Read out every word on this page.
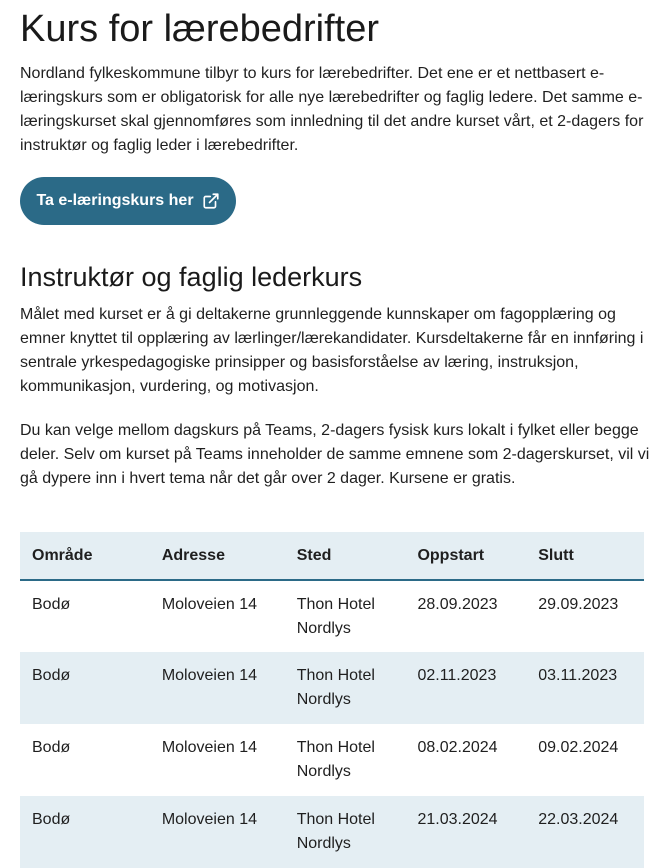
Kurs for lærebedrifter

Nordland fylkeskommune tilbyr to kurs for lærebedrifter. Det ene er et nettbasert e-læringskurs som er obligatorisk for alle nye lærebedrifter og faglig ledere. Det samme e-læringskurset skal gjennomføres som innledning til det andre kurset vårt, et 2-dagers for instruktør og faglig leder i lærebedrifter.

Ta e-læringskurs her
Instruktør og faglig lederkurs

Målet med kurset er å gi deltakerne grunnleggende kunnskaper om fagopplæring og emner knyttet til opplæring av lærlinger/lærekandidater. Kursdeltakerne får en innføring i sentrale yrkespedagogiske prinsipper og basisforståelse av læring, instruksjon, kommunikasjon, vurdering, og motivasjon.

Du kan velge mellom dagskurs på Teams, 2-dagers fysisk kurs lokalt i fylket eller begge deler. Selv om kurset på Teams inneholder de samme emnene som 2-dagerskurset, vil vi gå dypere inn i hvert tema når det går over 2 dager. Kursene er gratis.

Område	Adresse	Sted	Oppstart	Slutt
Bodø	Moloveien 14	Thon Hotel Nordlys	28.09.2023	29.09.2023
Bodø	Moloveien 14	Thon Hotel Nordlys	02.11.2023	03.11.2023
Bodø	Moloveien 14	Thon Hotel Nordlys	08.02.2024	09.02.2024
Bodø	Moloveien 14	Thon Hotel Nordlys	21.03.2024	22.03.2024
